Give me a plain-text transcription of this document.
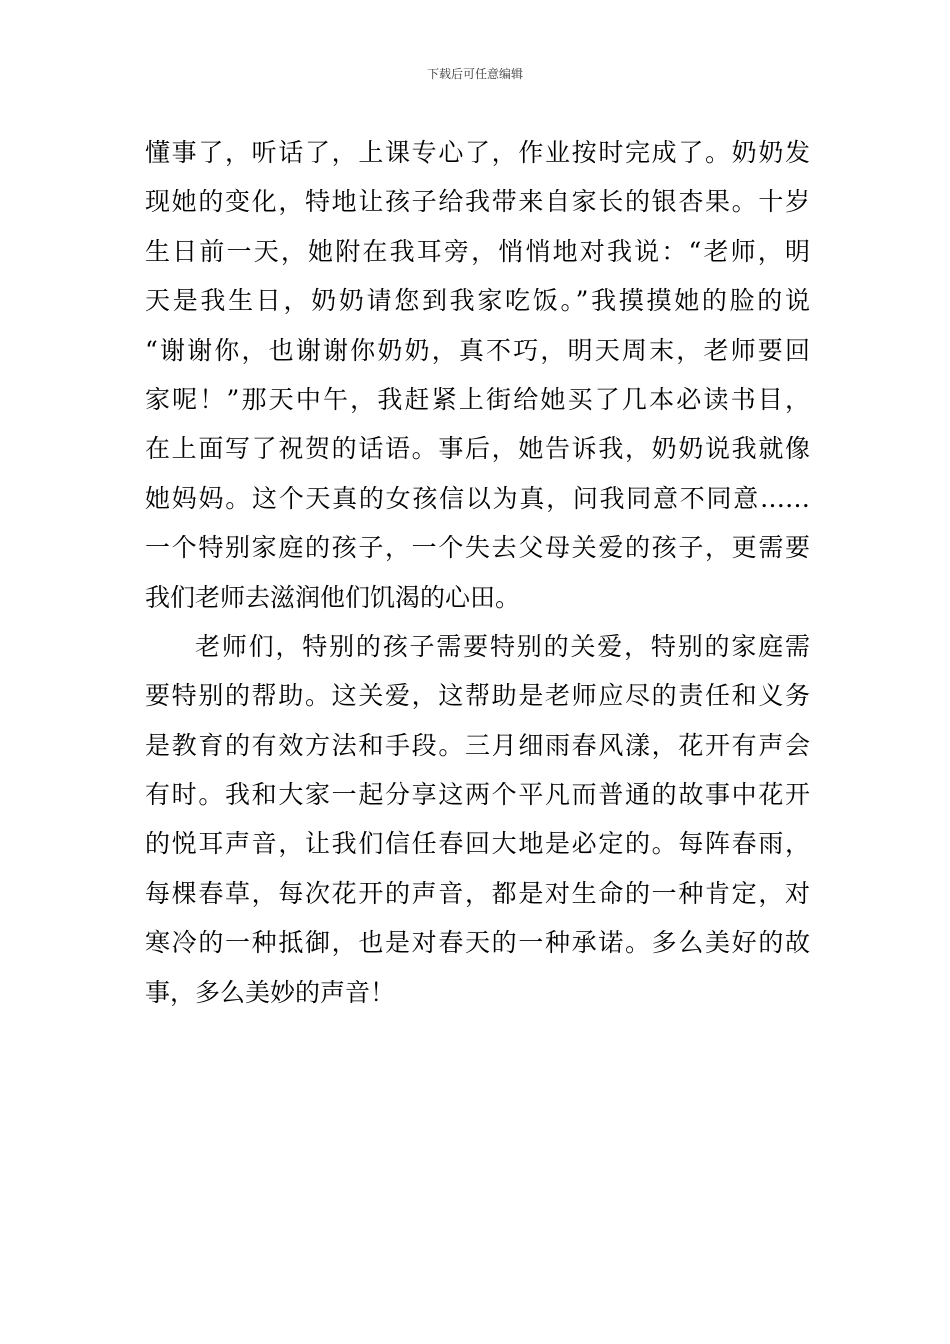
下载后可任意编辑
懂事了，听话了，上课专心了，作业按时完成了。奶奶发
现她的变化，特地让孩子给我带来自家长的银杏果。十岁
生日前一天，她附在我耳旁，悄悄地对我说：“老师，明
天是我生日，奶奶请您到我家吃饭。”我摸摸她的脸的说
“谢谢你，也谢谢你奶奶，真不巧，明天周末，老师要回
家呢！”那天中午，我赶紧上街给她买了几本必读书目，
在上面写了祝贺的话语。事后，她告诉我，奶奶说我就像
她妈妈。这个天真的女孩信以为真，问我同意不同意……
一个特别家庭的孩子，一个失去父母关爱的孩子，更需要
我们老师去滋润他们饥渴的心田。
老师们，特别的孩子需要特别的关爱，特别的家庭需
要特别的帮助。这关爱，这帮助是老师应尽的责任和义务
是教育的有效方法和手段。三月细雨春风漾，花开有声会
有时。我和大家一起分享这两个平凡而普通的故事中花开
的悦耳声音，让我们信任春回大地是必定的。每阵春雨，
每棵春草，每次花开的声音，都是对生命的一种肯定，对
寒冷的一种抵御，也是对春天的一种承诺。多么美好的故
事，多么美妙的声音！
